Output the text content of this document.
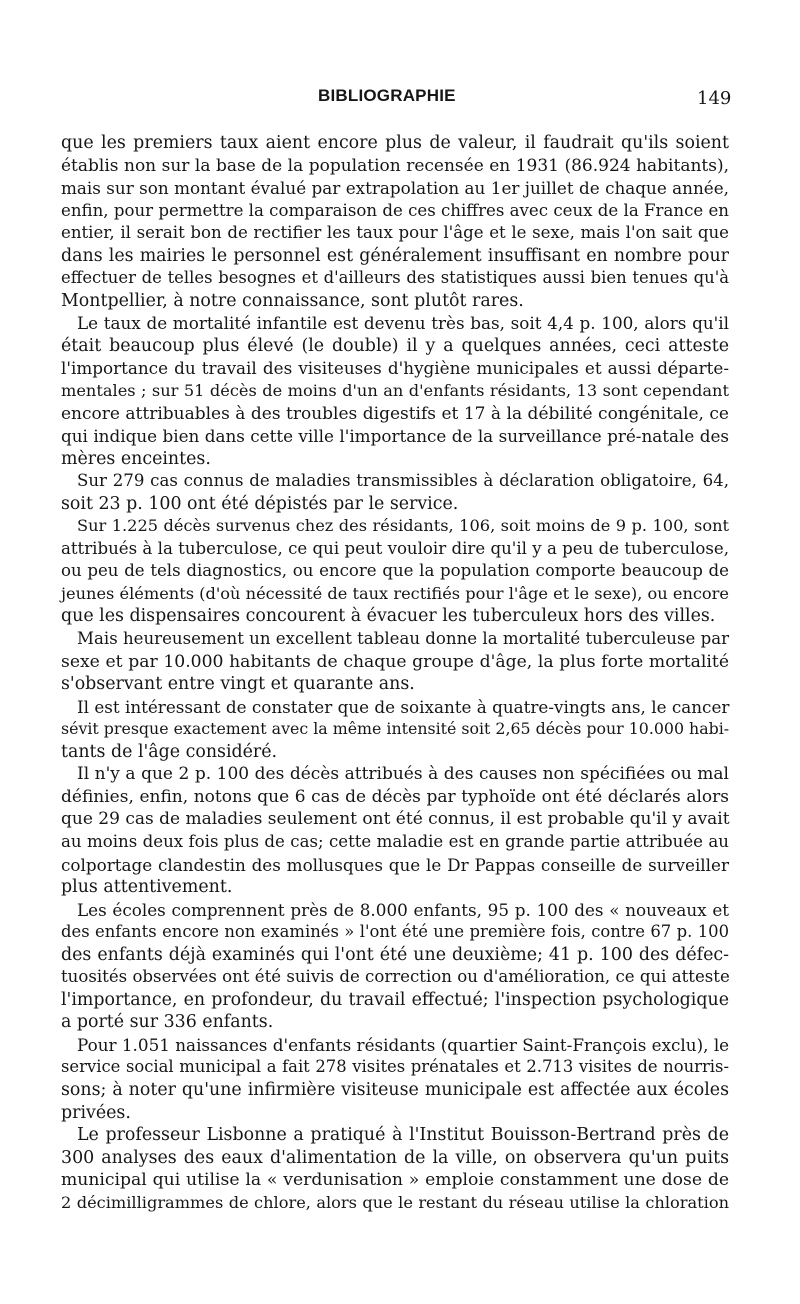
BIBLIOGRAPHIE	149
que les premiers taux aient encore plus de valeur, il faudrait qu'ils soient
établis non sur la base de la population recensée en 1931 (86.924 habitants),
mais sur son montant évalué par extrapolation au 1er juillet de chaque année,
enfin, pour permettre la comparaison de ces chiffres avec ceux de la France en
entier, il serait bon de rectifier les taux pour l'âge et le sexe, mais l'on sait que
dans les mairies le personnel est généralement insuffisant en nombre pour
effectuer de telles besognes et d'ailleurs des statistiques aussi bien tenues qu'à
Montpellier, à notre connaissance, sont plutôt rares.
Le taux de mortalité infantile est devenu très bas, soit 4,4 p. 100, alors qu'il
était beaucoup plus élevé (le double) il y a quelques années, ceci atteste
l'importance du travail des visiteuses d'hygiène municipales et aussi départe-
mentales ; sur 51 décès de moins d'un an d'enfants résidants, 13 sont cependant
encore attribuables à des troubles digestifs et 17 à la débilité congénitale, ce
qui indique bien dans cette ville l'importance de la surveillance pré-natale des
mères enceintes.
Sur 279 cas connus de maladies transmissibles à déclaration obligatoire, 64,
soit 23 p. 100 ont été dépistés par le service.
Sur 1.225 décès survenus chez des résidants, 106, soit moins de 9 p. 100, sont
attribués à la tuberculose, ce qui peut vouloir dire qu'il y a peu de tuberculose,
ou peu de tels diagnostics, ou encore que la population comporte beaucoup de
jeunes éléments (d'où nécessité de taux rectifiés pour l'âge et le sexe), ou encore
que les dispensaires concourent à évacuer les tuberculeux hors des villes.
Mais heureusement un excellent tableau donne la mortalité tuberculeuse par
sexe et par 10.000 habitants de chaque groupe d'âge, la plus forte mortalité
s'observant entre vingt et quarante ans.
Il est intéressant de constater que de soixante à quatre-vingts ans, le cancer
sévit presque exactement avec la même intensité soit 2,65 décès pour 10.000 habi-
tants de l'âge considéré.
Il n'y a que 2 p. 100 des décès attribués à des causes non spécifiées ou mal
définies, enfin, notons que 6 cas de décès par typhoïde ont été déclarés alors
que 29 cas de maladies seulement ont été connus, il est probable qu'il y avait
au moins deux fois plus de cas; cette maladie est en grande partie attribuée au
colportage clandestin des mollusques que le Dr Pappas conseille de surveiller
plus attentivement.
Les écoles comprennent près de 8.000 enfants, 95 p. 100 des « nouveaux et
des enfants encore non examinés » l'ont été une première fois, contre 67 p. 100
des enfants déjà examinés qui l'ont été une deuxième; 41 p. 100 des défec-
tuosités observées ont été suivis de correction ou d'amélioration, ce qui atteste
l'importance, en profondeur, du travail effectué; l'inspection psychologique
a porté sur 336 enfants.
Pour 1.051 naissances d'enfants résidants (quartier Saint-François exclu), le
service social municipal a fait 278 visites prénatales et 2.713 visites de nourris-
sons; à noter qu'une infirmière visiteuse municipale est affectée aux écoles
privées.
Le professeur Lisbonne a pratiqué à l'Institut Bouisson-Bertrand près de
300 analyses des eaux d'alimentation de la ville, on observera qu'un puits
municipal qui utilise la « verdunisation » emploie constamment une dose de
2 décimilligrammes de chlore, alors que le restant du réseau utilise la chloration
